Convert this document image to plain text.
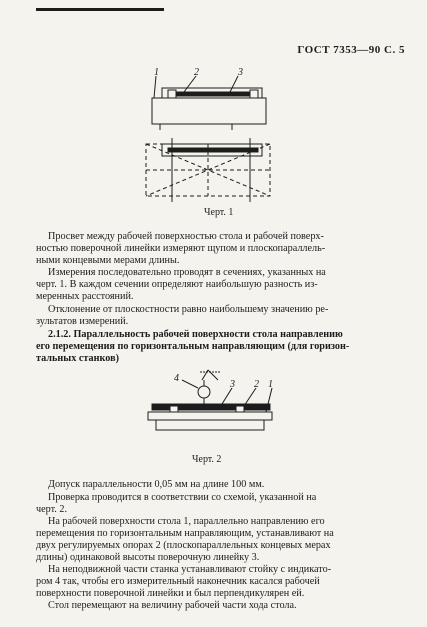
ГОСТ 7353—90 С. 5
1	2	3
Черт. 1
Просвет между рабочей поверхностью стола и рабочей поверх-
ностью поверочной линейки измеряют щупом и плоскопараллель-
ными концевыми мерами длины.
Измерения последовательно проводят в сечениях, указанных на
черт. 1. В каждом сечении определяют наибольшую разность из-
меренных расстояний.
Отклонение от плоскостности равно наибольшему значению ре-
зультатов измерений.
2.1.2. Параллельность рабочей поверхности стола направлению
его перемещения по горизонтальным направляющим (для горизон-
тальных станков)
4
3 2 1
Черт. 2
Допуск параллельности 0,05 мм на длине 100 мм.
Проверка проводится в соответствии со схемой, указанной на
черт. 2.
На рабочей поверхности стола 1, параллельно направлению его
перемещения по горизонтальным направляющим, устанавливают на
двух регулируемых опорах 2 (плоскопараллельных концевых мерах
длины) одинаковой высоты поверочную линейку 3.
На неподвижной части станка устанавливают стойку с индикато-
ром 4 так, чтобы его измерительный наконечник касался рабочей
поверхности поверочной линейки и был перпендикулярен ей.
Стол перемещают на величину рабочей части хода стола.
